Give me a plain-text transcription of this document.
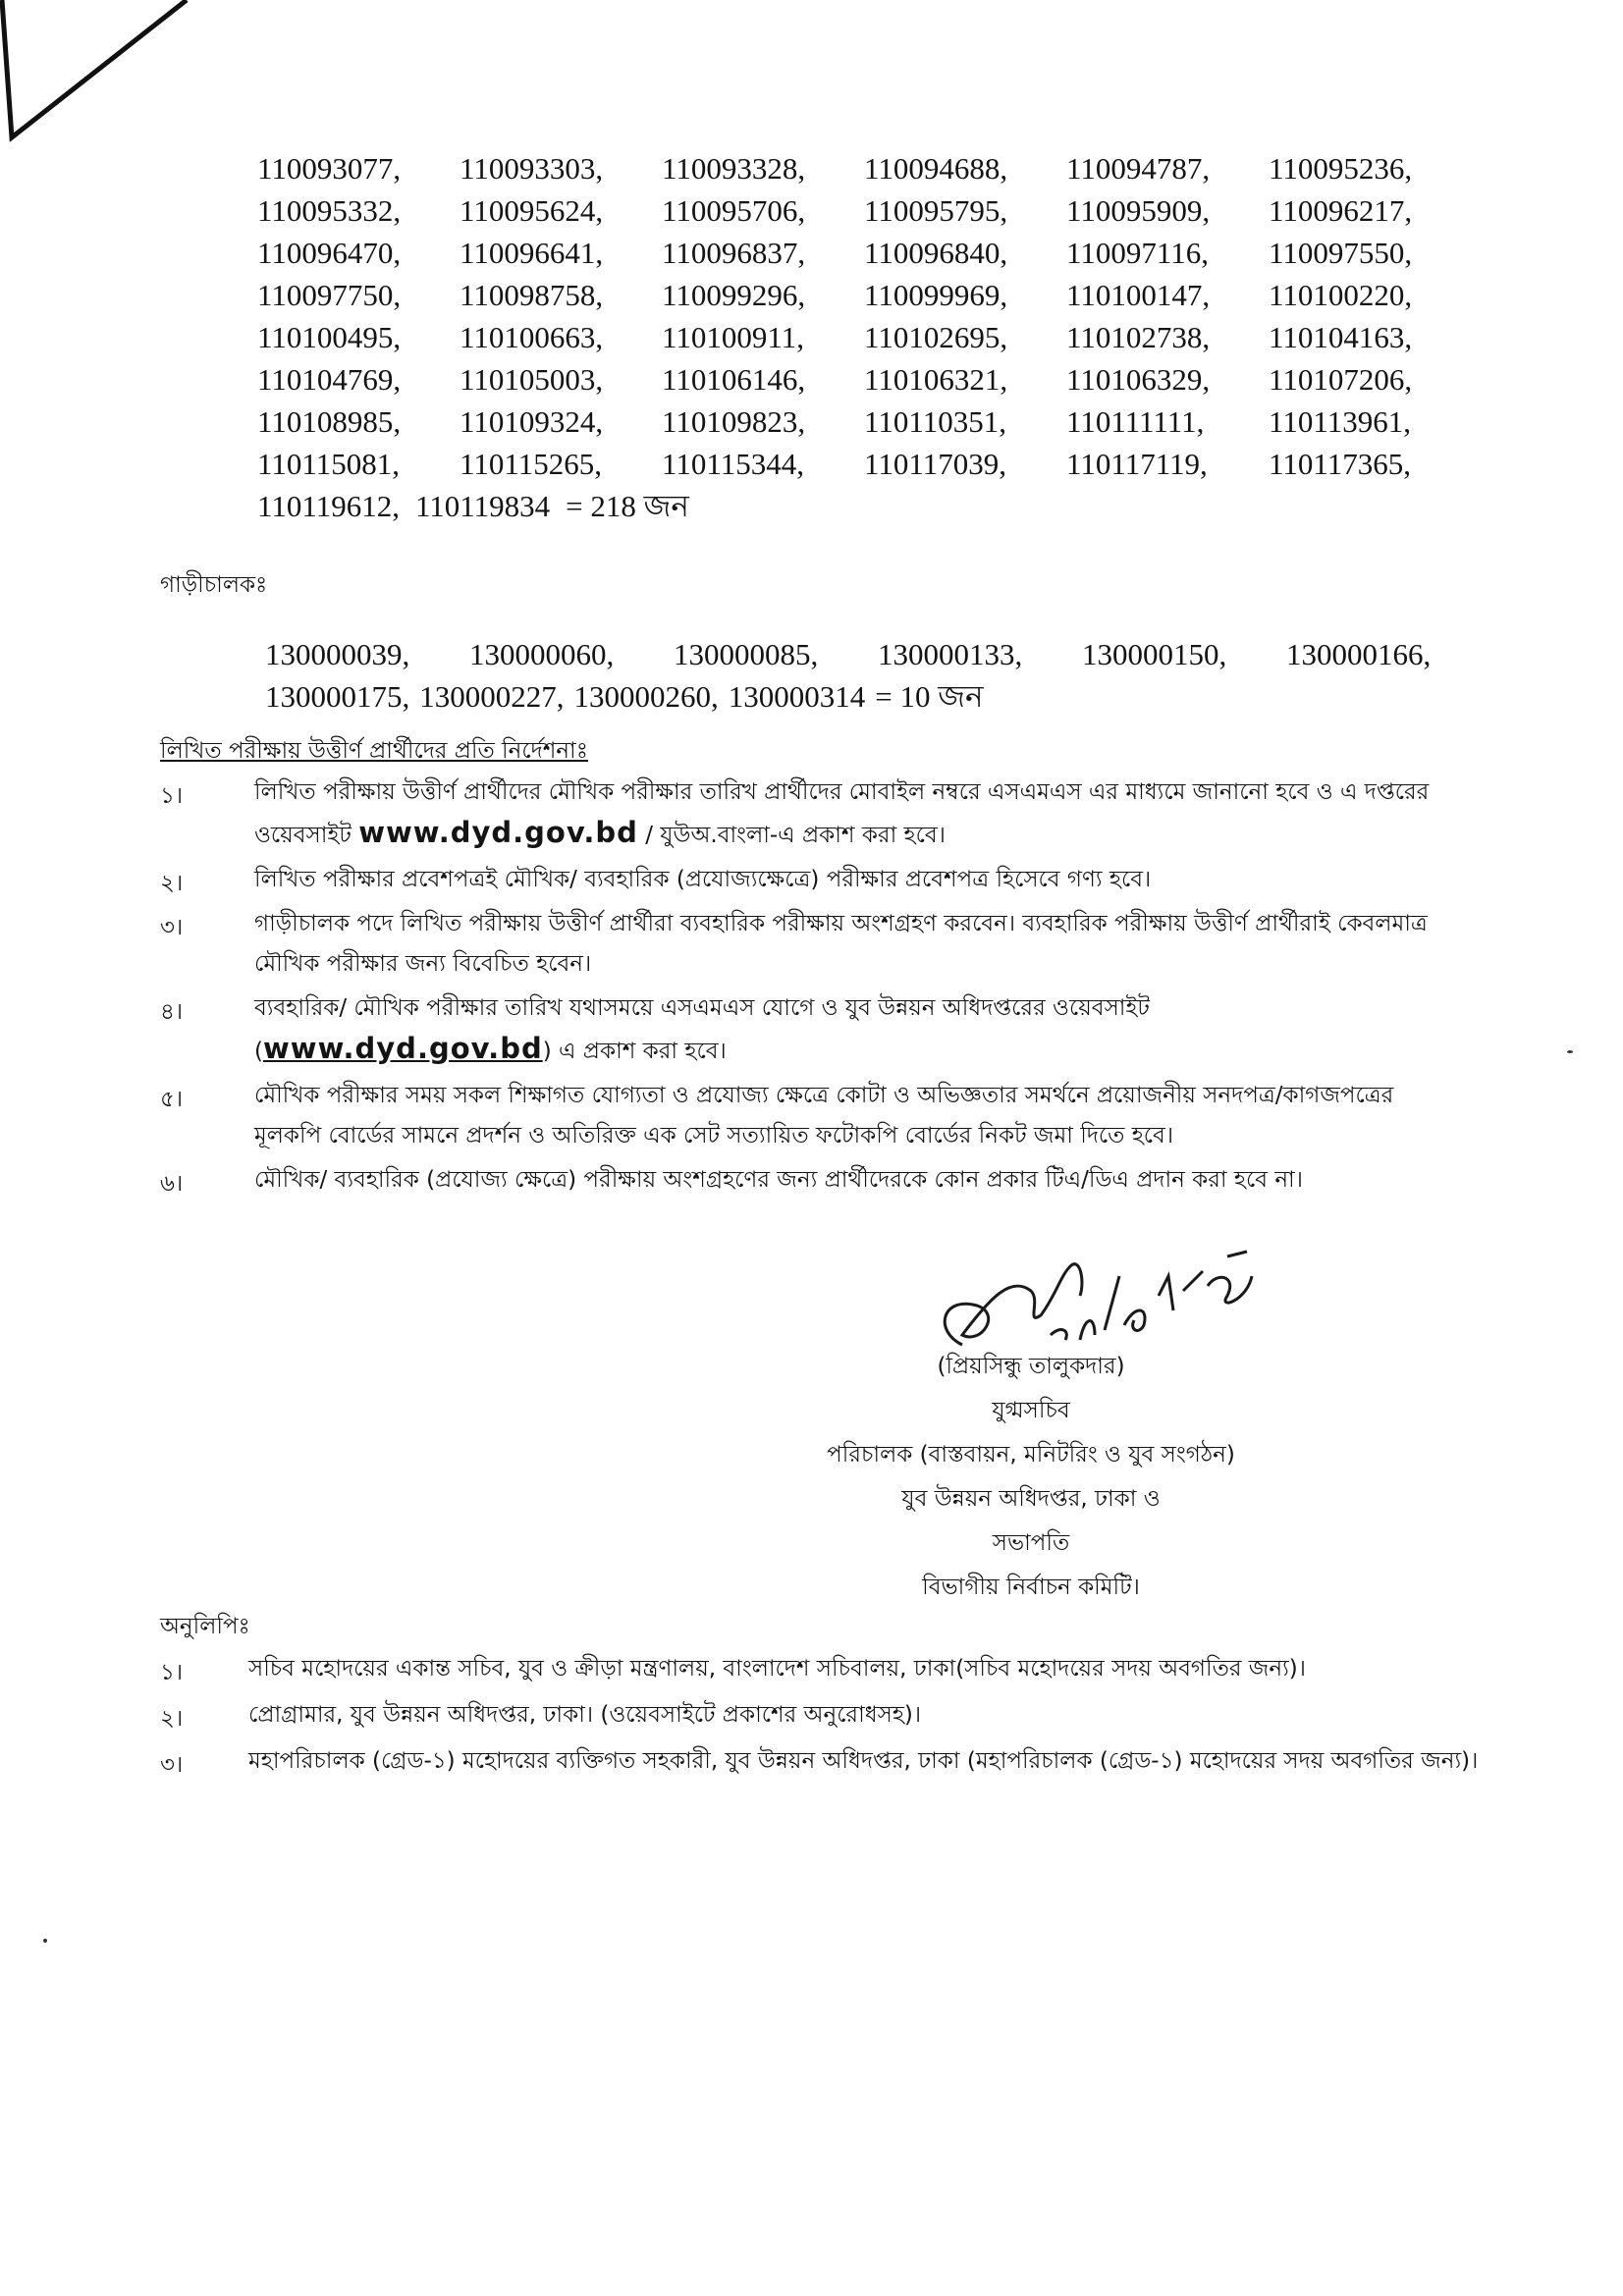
110093077, 110093303, 110093328, 110094688, 110094787, 110095236,
110095332, 110095624, 110095706, 110095795, 110095909, 110096217,
110096470, 110096641, 110096837, 110096840, 110097116, 110097550,
110097750, 110098758, 110099296, 110099969, 110100147, 110100220,
110100495, 110100663, 110100911, 110102695, 110102738, 110104163,
110104769, 110105003, 110106146, 110106321, 110106329, 110107206,
110108985, 110109324, 110109823, 110110351, 110111111, 110113961,
110115081, 110115265, 110115344, 110117039, 110117119, 110117365,
110119612, 110119834 = 218 জন
গাড়ীচালকঃ
130000039, 130000060, 130000085, 130000133, 130000150, 130000166,
130000175, 130000227, 130000260, 130000314 = 10 জন
লিখিত পরীক্ষায় উত্তীর্ণ প্রার্থীদের প্রতি নির্দেশনাঃ
১।	লিখিত পরীক্ষায় উত্তীর্ণ প্রার্থীদের মৌখিক পরীক্ষার তারিখ প্রার্থীদের মোবাইল নম্বরে এসএমএস এর মাধ্যমে জানানো হবে ও এ দপ্তরের ওয়েবসাইট www.dyd.gov.bd / যুউঅ.বাংলা-এ প্রকাশ করা হবে।
২।	লিখিত পরীক্ষার প্রবেশপত্রই মৌখিক/ ব্যবহারিক (প্রযোজ্যক্ষেত্রে) পরীক্ষার প্রবেশপত্র হিসেবে গণ্য হবে।
৩।	গাড়ীচালক পদে লিখিত পরীক্ষায় উত্তীর্ণ প্রার্থীরা ব্যবহারিক পরীক্ষায় অংশগ্রহণ করবেন। ব্যবহারিক পরীক্ষায় উত্তীর্ণ প্রার্থীরাই কেবলমাত্র মৌখিক পরীক্ষার জন্য বিবেচিত হবেন।
৪।	ব্যবহারিক/ মৌখিক পরীক্ষার তারিখ যথাসময়ে এসএমএস যোগে ও যুব উন্নয়ন অধিদপ্তরের ওয়েবসাইট (www.dyd.gov.bd) এ প্রকাশ করা হবে।
৫।	মৌখিক পরীক্ষার সময় সকল শিক্ষাগত যোগ্যতা ও প্রযোজ্য ক্ষেত্রে কোটা ও অভিজ্ঞতার সমর্থনে প্রয়োজনীয় সনদপত্র/কাগজপত্রের মূলকপি বোর্ডের সামনে প্রদর্শন ও অতিরিক্ত এক সেট সত্যায়িত ফটোকপি বোর্ডের নিকট জমা দিতে হবে।
৬।	মৌখিক/ ব্যবহারিক (প্রযোজ্য ক্ষেত্রে) পরীক্ষায় অংশগ্রহণের জন্য প্রার্থীদেরকে কোন প্রকার টিএ/ডিএ প্রদান করা হবে না।
(প্রিয়সিন্ধু তালুকদার)
যুগ্মসচিব
পরিচালক (বাস্তবায়ন, মনিটরিং ও যুব সংগঠন)
যুব উন্নয়ন অধিদপ্তর, ঢাকা ও
সভাপতি
বিভাগীয় নির্বাচন কমিটি।
অনুলিপিঃ
১।	সচিব মহোদয়ের একান্ত সচিব, যুব ও ক্রীড়া মন্ত্রণালয়, বাংলাদেশ সচিবালয়, ঢাকা(সচিব মহোদয়ের সদয় অবগতির জন্য)।
২।	প্রোগ্রামার, যুব উন্নয়ন অধিদপ্তর, ঢাকা। (ওয়েবসাইটে প্রকাশের অনুরোধসহ)।
৩।	মহাপরিচালক (গ্রেড-১) মহোদয়ের ব্যক্তিগত সহকারী, যুব উন্নয়ন অধিদপ্তর, ঢাকা (মহাপরিচালক (গ্রেড-১) মহোদয়ের সদয় অবগতির জন্য)।
